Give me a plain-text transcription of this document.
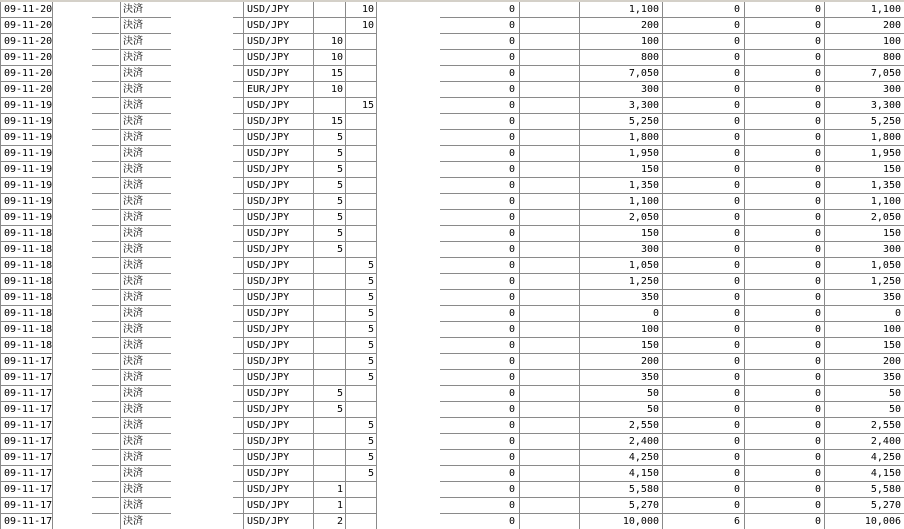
09-11-20	決済	USD/JPY	10	0	1,100	0	0	1,100
09-11-20	決済	USD/JPY	10	0	200	0	0	200
09-11-20	決済	USD/JPY	10	0	100	0	0	100
09-11-20	決済	USD/JPY	10	0	800	0	0	800
09-11-20	決済	USD/JPY	15	0	7,050	0	0	7,050
09-11-20	決済	EUR/JPY	10	0	300	0	0	300
09-11-19	決済	USD/JPY	15	0	3,300	0	0	3,300
09-11-19	決済	USD/JPY	15	0	5,250	0	0	5,250
09-11-19	決済	USD/JPY	5	0	1,800	0	0	1,800
09-11-19	決済	USD/JPY	5	0	1,950	0	0	1,950
09-11-19	決済	USD/JPY	5	0	150	0	0	150
09-11-19	決済	USD/JPY	5	0	1,350	0	0	1,350
09-11-19	決済	USD/JPY	5	0	1,100	0	0	1,100
09-11-19	決済	USD/JPY	5	0	2,050	0	0	2,050
09-11-18	決済	USD/JPY	5	0	150	0	0	150
09-11-18	決済	USD/JPY	5	0	300	0	0	300
09-11-18	決済	USD/JPY	5	0	1,050	0	0	1,050
09-11-18	決済	USD/JPY	5	0	1,250	0	0	1,250
09-11-18	決済	USD/JPY	5	0	350	0	0	350
09-11-18	決済	USD/JPY	5	0	0	0	0	0
09-11-18	決済	USD/JPY	5	0	100	0	0	100
09-11-18	決済	USD/JPY	5	0	150	0	0	150
09-11-17	決済	USD/JPY	5	0	200	0	0	200
09-11-17	決済	USD/JPY	5	0	350	0	0	350
09-11-17	決済	USD/JPY	5	0	50	0	0	50
09-11-17	決済	USD/JPY	5	0	50	0	0	50
09-11-17	決済	USD/JPY	5	0	2,550	0	0	2,550
09-11-17	決済	USD/JPY	5	0	2,400	0	0	2,400
09-11-17	決済	USD/JPY	5	0	4,250	0	0	4,250
09-11-17	決済	USD/JPY	5	0	4,150	0	0	4,150
09-11-17	決済	USD/JPY	1	0	5,580	0	0	5,580
09-11-17	決済	USD/JPY	1	0	5,270	0	0	5,270
09-11-17	決済	USD/JPY	2	0	10,000	6	0	10,006
